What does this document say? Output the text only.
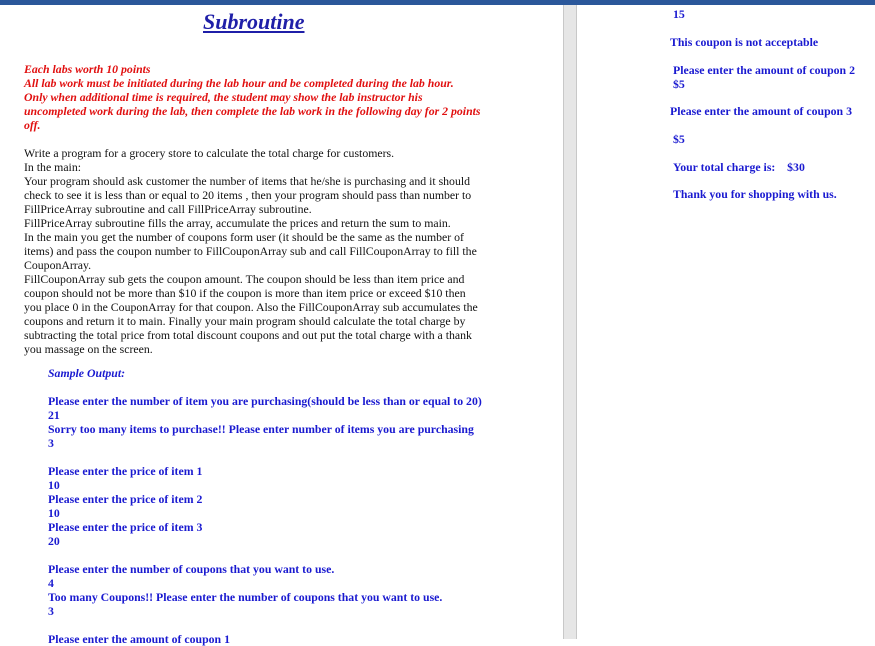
Subroutine
Each labs worth 10 points
All lab work must be initiated during the lab hour and be completed during the lab hour.
Only when additional time is required, the student may show the lab instructor his
uncompleted work during the lab, then complete the lab work in the following day for 2 points
off.
Write a program for a grocery store to calculate the total charge for customers.
In the main:
Your program should ask customer the number of items that he/she is purchasing and it should
check to see it is less than or equal to 20 items , then your program should pass than number to
FillPriceArray subroutine and call FillPriceArray subroutine.
FillPriceArray subroutine fills the array, accumulate the prices and return the sum to main.
In the main you get the number of coupons form user (it should be the same as the number of
items) and pass the coupon number to FillCouponArray sub and call FillCouponArray to fill the
CouponArray.
FillCouponArray sub gets the coupon amount. The coupon should be less than item price and
coupon should not be more than $10 if the coupon is more than item price or exceed $10 then
you place 0 in the CouponArray for that coupon. Also the FillCouponArray sub accumulates the
coupons and return it to main. Finally your main program should calculate the total charge by
subtracting the total price from total discount coupons and out put the total charge with a thank
you massage on the screen.
Sample Output:
Please enter the number of item you are purchasing(should be less than or equal to 20)
21
Sorry too many items to purchase!! Please enter number of items you are purchasing
3
Please enter the price of item 1
10
Please enter the price of item 2
10
Please enter the price of item 3
20
Please enter the number of coupons that you want to use.
4
Too many Coupons!! Please enter the number of coupons that you want to use.
3
Please enter the amount of coupon 1
15
This coupon is not acceptable
Please enter the amount of coupon 2
$5
Please enter the amount of coupon 3
$5
Your total charge is: $30
Thank you for shopping with us.
